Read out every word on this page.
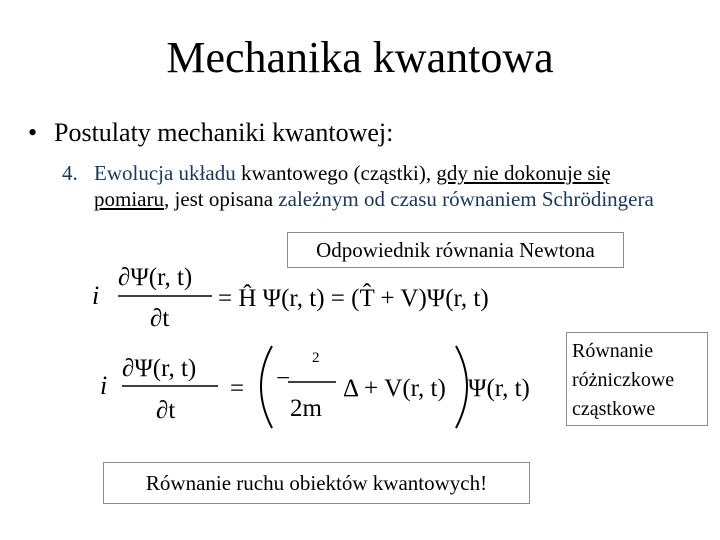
Mechanika kwantowa
• Postulaty mechaniki kwantowej:
4. Ewolucja układu kwantowego (cząstki), gdy nie dokonuje się pomiaru, jest opisana zależnym od czasu równaniem Schrödingera
i
∂Ψ(r, t)
∂t
= Ĥ Ψ(r, t) = (T̂ + V)Ψ(r, t)
i
∂Ψ(r, t)
∂t
= −
2
2m
Δ + V(r, t) Ψ(r, t)
Odpowiednik równania Newtona
Równanie
różniczkowe
cząstkowe
Równanie ruchu obiektów kwantowych!
